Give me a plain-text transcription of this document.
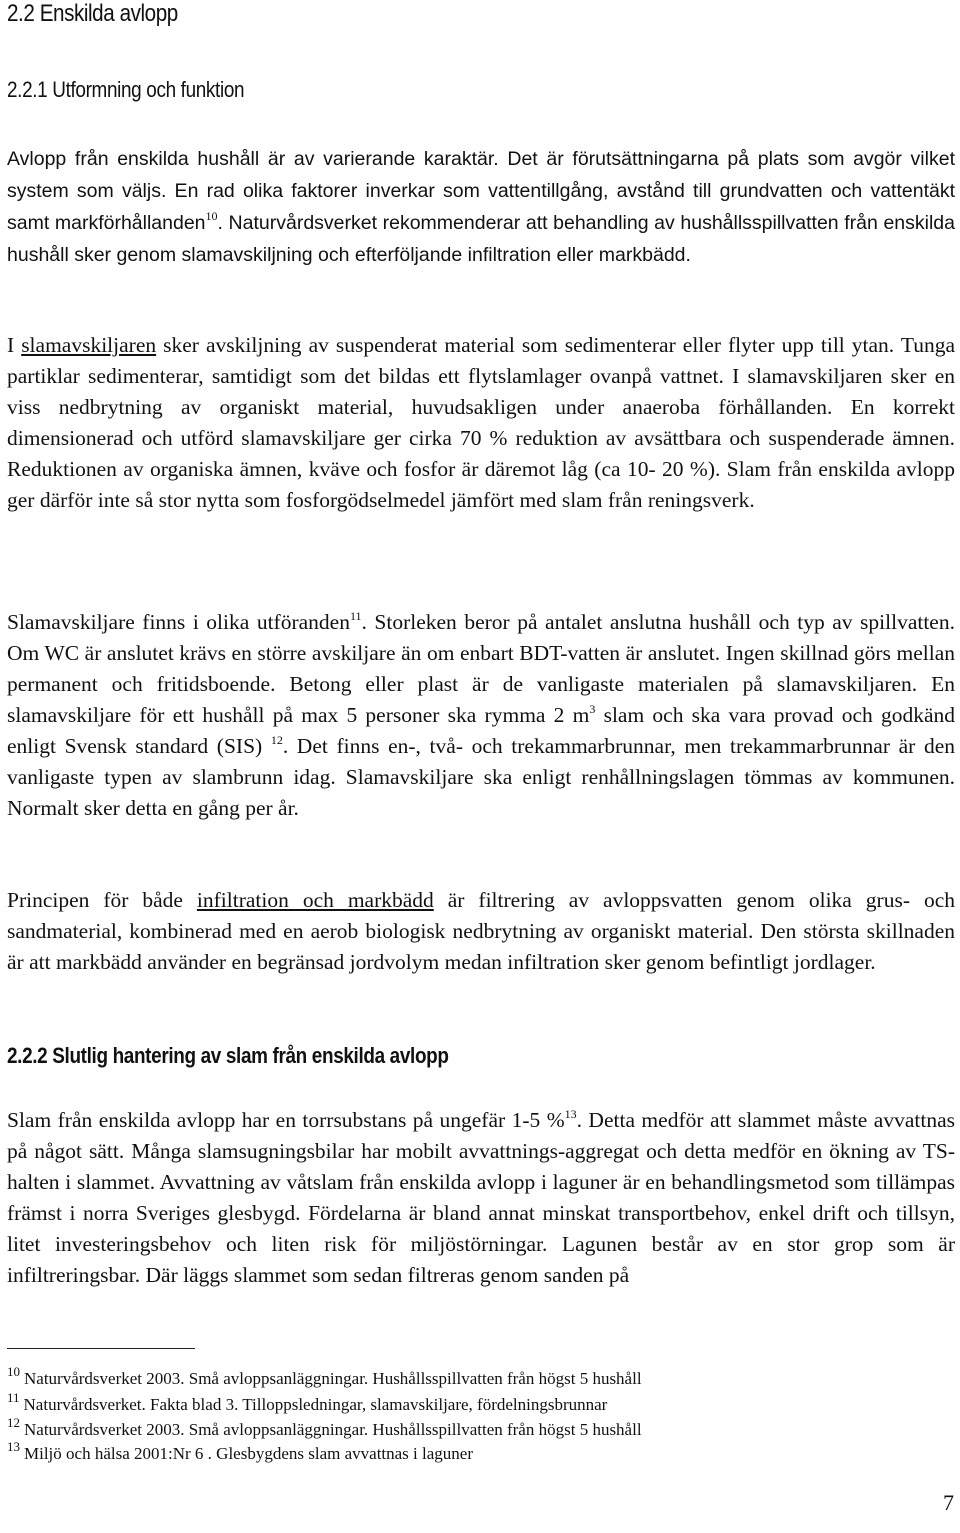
2.2 Enskilda avlopp
2.2.1 Utformning och funktion

Avlopp från enskilda hushåll är av varierande karaktär. Det är förutsättningarna på plats som avgör vilket system som väljs. En rad olika faktorer inverkar som vattentillgång, avstånd till grundvatten och vattentäkt samt markförhållanden$^{10}$. Naturvårdsverket rekommenderar att behandling av hushållsspillvatten från enskilda hushåll sker genom slamavskiljning och efterföljande infiltration eller markbädd.

I slamavskiljaren sker avskiljning av suspenderat material som sedimenterar eller flyter upp till ytan. Tunga partiklar sedimenterar, samtidigt som det bildas ett flytslamlager ovanpå vattnet. I slamavskiljaren sker en viss nedbrytning av organiskt material, huvudsakligen under anaeroba förhållanden. En korrekt dimensionerad och utförd slamavskiljare ger cirka 70 % reduktion av avsättbara och suspenderade ämnen. Reduktionen av organiska ämnen, kväve och fosfor är däremot låg (ca 10- 20 %). Slam från enskilda avlopp ger därför inte så stor nytta som fosforgödselmedel jämfört med slam från reningsverk.

Slamavskiljare finns i olika utföranden$^{11}$. Storleken beror på antalet anslutna hushåll och typ av spillvatten. Om WC är anslutet krävs en större avskiljare än om enbart BDT-vatten är anslutet. Ingen skillnad görs mellan permanent och fritidsboende. Betong eller plast är de vanligaste materialen på slamavskiljaren. En slamavskiljare för ett hushåll på max 5 personer ska rymma 2 $m^3$ slam och ska vara provad och godkänd enligt Svensk standard (SIS) $^{12}$. Det finns en-, två- och trekammarbrunnar, men trekammarbrunnar är den vanligaste typen av slambrunn idag. Slamavskiljare ska enligt renhållningslagen tömmas av kommunen. Normalt sker detta en gång per år.

Principen för både infiltration och markbädd är filtrering av avloppsvatten genom olika grus- och sandmaterial, kombinerad med en aerob biologisk nedbrytning av organiskt material. Den största skillnaden är att markbädd använder en begränsad jordvolym medan infiltration sker genom befintligt jordlager.

2.2.2 Slutlig hantering av slam från enskilda avlopp

Slam från enskilda avlopp har en torrsubstans på ungefär 1-5 %$^{13}$. Detta medför att slammet måste avvattnas på något sätt. Många slamsugningsbilar har mobilt avvattnings-aggregat och detta medför en ökning av TS- halten i slammet. Avvattning av våtslam från enskilda avlopp i laguner är en behandlingsmetod som tillämpas främst i norra Sveriges glesbygd. Fördelarna är bland annat minskat transportbehov, enkel drift och tillsyn, litet investeringsbehov och liten risk för miljöstörningar. Lagunen består av en stor grop som är infiltreringsbar. Där läggs slammet som sedan filtreras genom sanden på

$^{10}$ Naturvårdsverket 2003. Små avloppsanläggningar. Hushållsspillvatten från högst 5 hushåll
$^{11}$ Naturvårdsverket. Fakta blad 3. Tilloppsledningar, slamavskiljare, fördelningsbrunnar
$^{12}$ Naturvårdsverket 2003. Små avloppsanläggningar. Hushållsspillvatten från högst 5 hushåll
$^{13}$ Miljö och hälsa 2001:Nr 6 . Glesbygdens slam avvattnas i laguner
7
